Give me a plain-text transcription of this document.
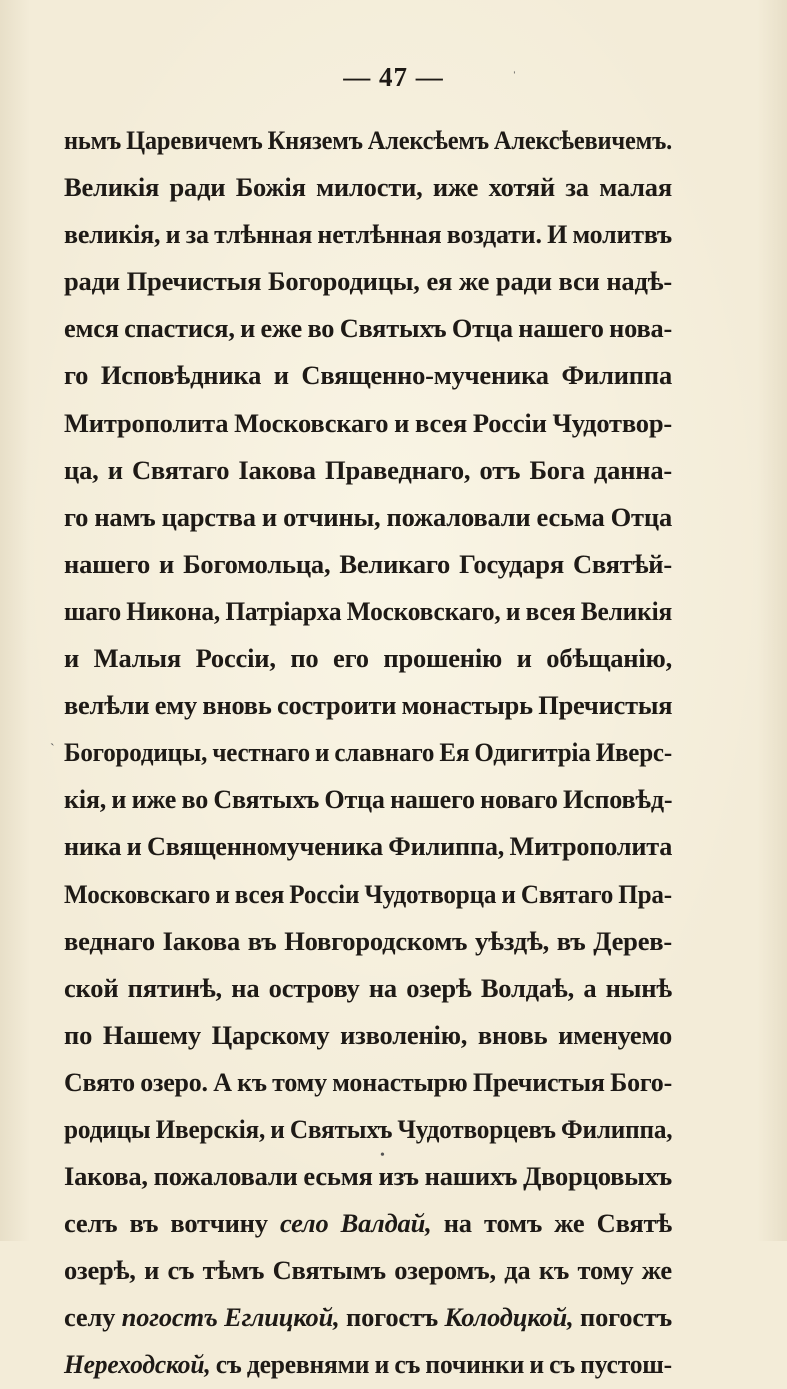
— 47 —
ньмъ Царевичемъ Княземъ Алексѣемъ Алексѣевичемъ.
Великія ради Божія милости, иже хотяй за малая
великія, и за тлѣнная нетлѣнная воздати. И молитвъ
ради Пречистыя Богородицы, ея же ради вси надѣ-
емся спастися, и еже во Святыхъ Отца нашего нова-
го Исповѣдника и Священно-мученика Филиппа
Митрополита Московскаго и всея Россіи Чудотвор-
ца, и Святаго Іакова Праведнаго, отъ Бога данна-
го намъ царства и отчины, пожаловали есьма Отца
нашего и Богомольца, Великаго Государя Святѣй-
шаго Никона, Патріарха Московскаго, и всея Великія
и Малыя Россіи, по его прошенію и обѣщанію,
велѣли ему вновь состроити монастырь Пречистыя
Богородицы, честнаго и славнаго Ея Одигитріа Иверс-
кія, и иже во Святыхъ Отца нашего новаго Исповѣд-
ника и Священномученика Филиппа, Митрополита
Московскаго и всея Россіи Чудотворца и Святаго Пра-
веднаго Іакова въ Новгородскомъ уѣздѣ, въ Дерев-
ской пятинѣ, на острову на озерѣ Волдаѣ, а нынѣ
по Нашему Царскому изволенію, вновь именуемо
Свято озеро. А къ тому монастырю Пречистыя Бого-
родицы Иверскія, и Святыхъ Чудотворцевъ Филиппа,
Іакова, пожаловали есьмя изъ нашихъ Дворцовыхъ
селъ въ вотчину село Валдай, на томъ же Святѣ
озерѣ, и съ тѣмъ Святымъ озеромъ, да къ тому же
селу погостъ Еглицкой, погостъ Колодцкой, погостъ
Нереходской, съ деревнями и съ починки и съ пустош-
ˈ
ˋ
•
